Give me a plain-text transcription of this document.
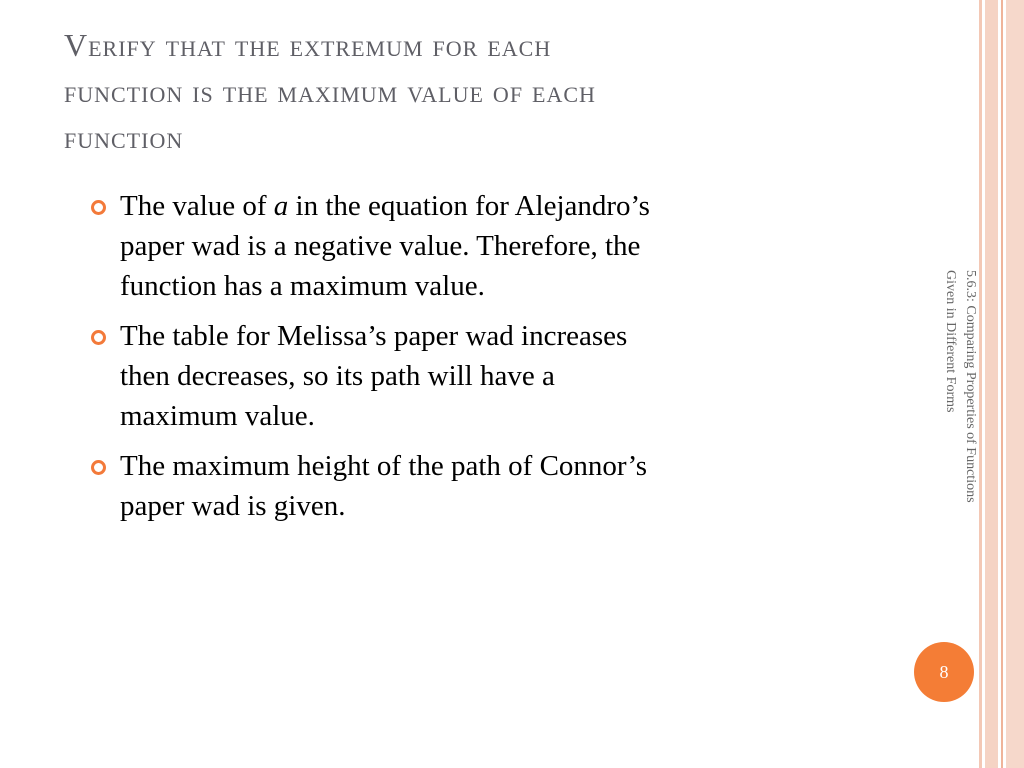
Verify that the extremum for each
function is the maximum value of each
function
The value of a in the equation for Alejandro’s
paper wad is a negative value. Therefore, the
function has a maximum value.
The table for Melissa’s paper wad increases
then decreases, so its path will have a
maximum value.
The maximum height of the path of Connor’s
paper wad is given.
5.6.3: Comparing Properties of Functions
Given in Different Forms
8
